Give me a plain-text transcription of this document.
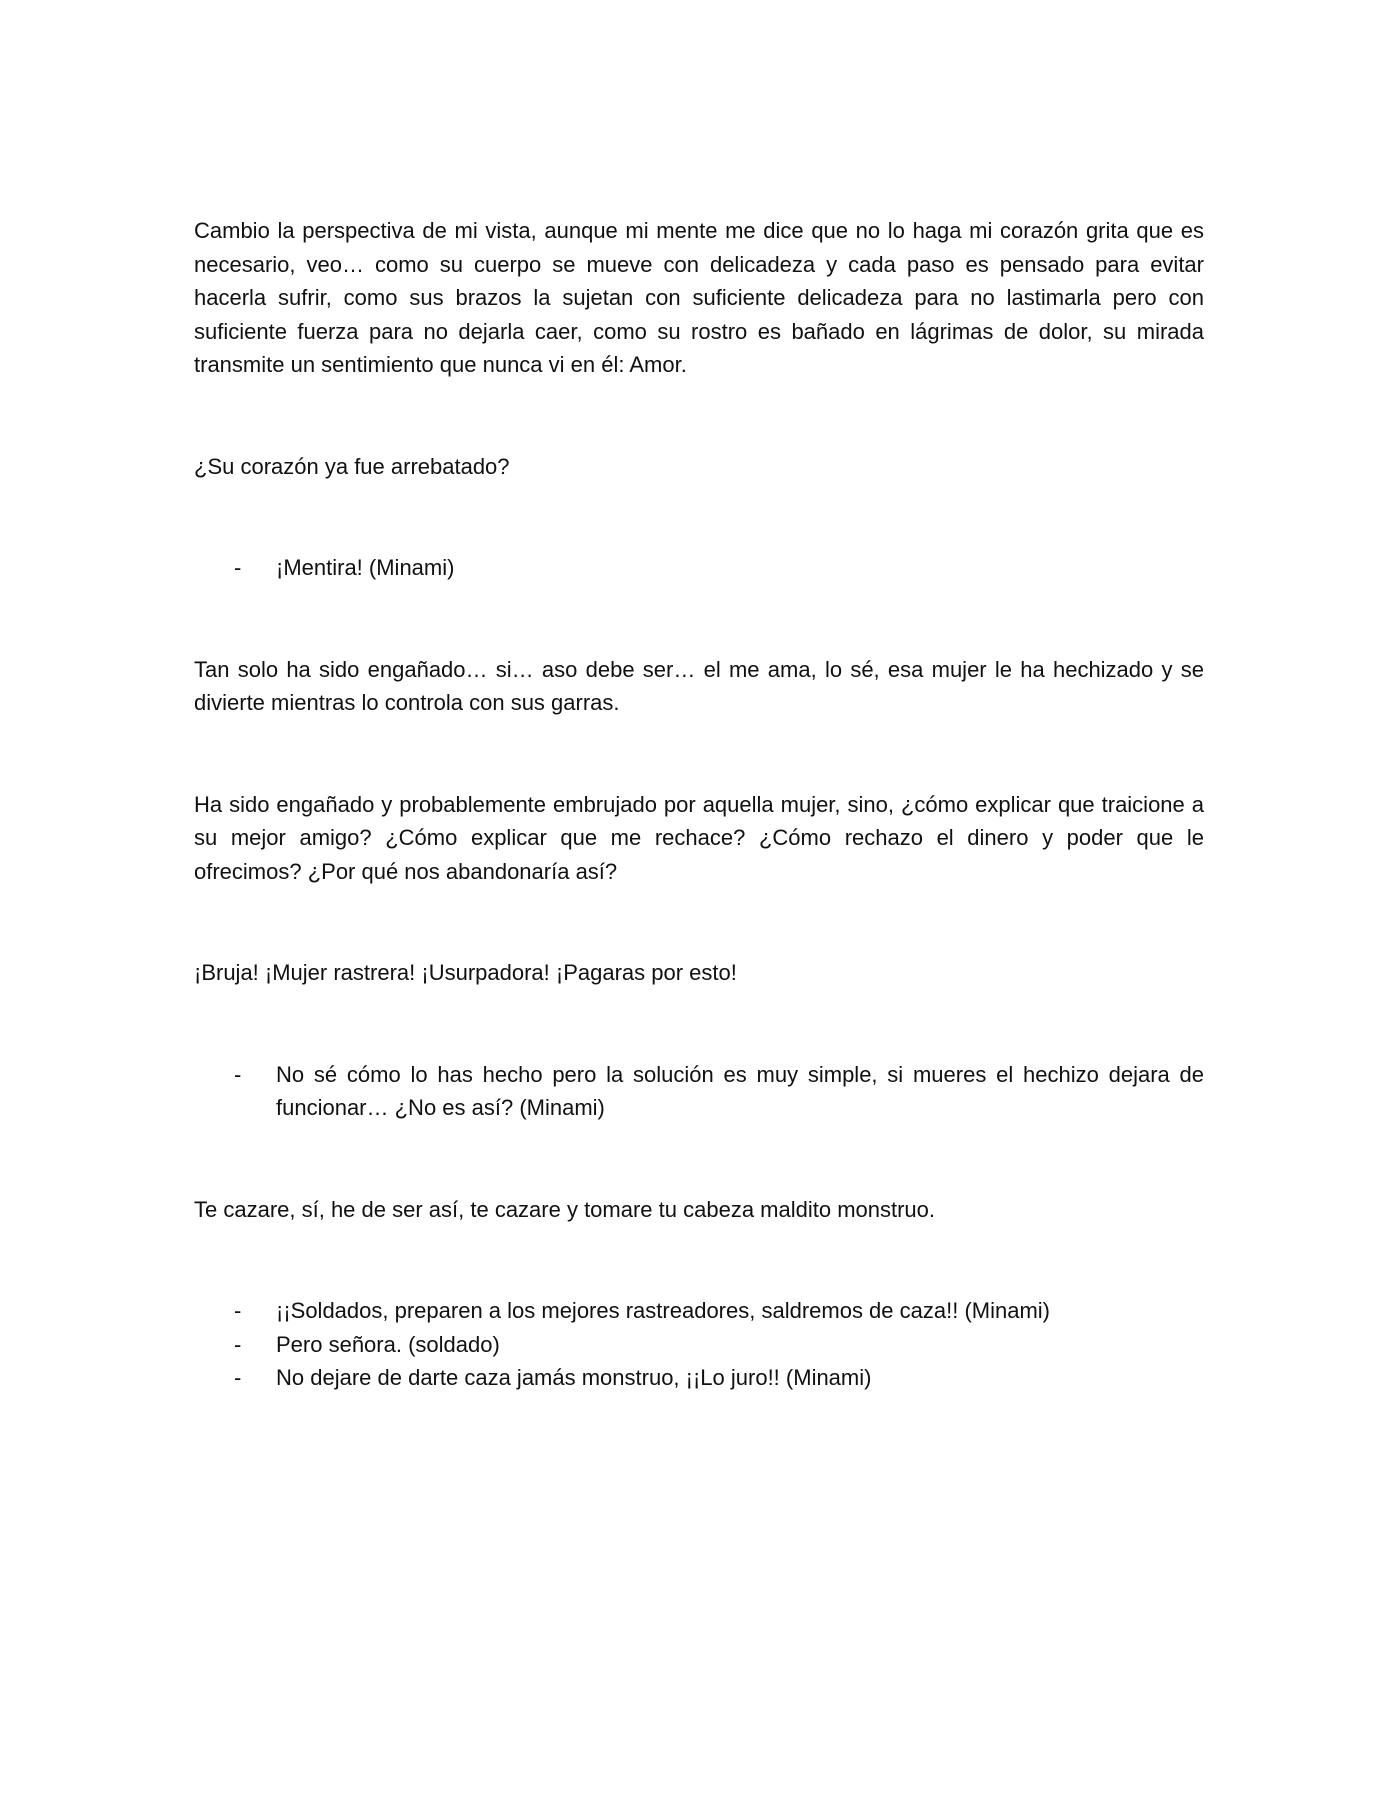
Cambio la perspectiva de mi vista, aunque mi mente me dice que no lo haga mi corazón grita que es necesario, veo… como su cuerpo se mueve con delicadeza y cada paso es pensado para evitar hacerla sufrir, como sus brazos la sujetan con suficiente delicadeza para no lastimarla pero con suficiente fuerza para no dejarla caer, como su rostro es bañado en lágrimas de dolor, su mirada transmite un sentimiento que nunca vi en él: Amor.

¿Su corazón ya fue arrebatado?

- ¡Mentira! (Minami)

Tan solo ha sido engañado… si… aso debe ser… el me ama, lo sé, esa mujer le ha hechizado y se divierte mientras lo controla con sus garras.

Ha sido engañado y probablemente embrujado por aquella mujer, sino, ¿cómo explicar que traicione a su mejor amigo? ¿Cómo explicar que me rechace? ¿Cómo rechazo el dinero y poder que le ofrecimos? ¿Por qué nos abandonaría así?

¡Bruja! ¡Mujer rastrera! ¡Usurpadora! ¡Pagaras por esto!

- No sé cómo lo has hecho pero la solución es muy simple, si mueres el hechizo dejara de funcionar… ¿No es así? (Minami)

Te cazare, sí, he de ser así, te cazare y tomare tu cabeza maldito monstruo.

- ¡¡Soldados, preparen a los mejores rastreadores, saldremos de caza!! (Minami)
- Pero señora. (soldado)
- No dejare de darte caza jamás monstruo, ¡¡Lo juro!! (Minami)
